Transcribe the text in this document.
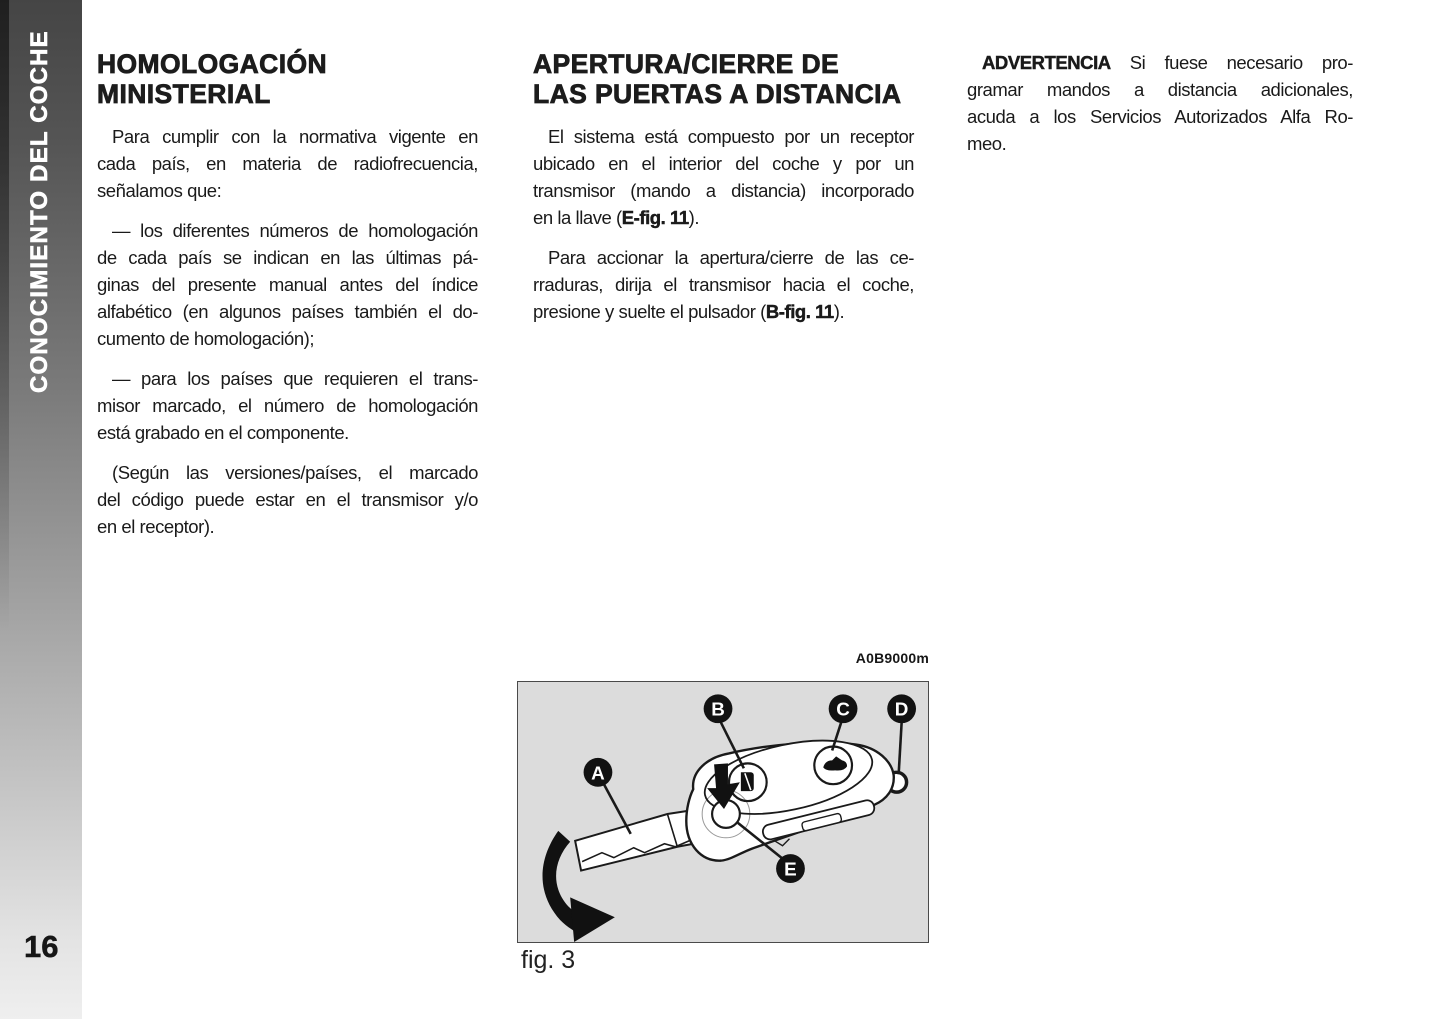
CONOCIMIENTO DEL COCHE
16
HOMOLOGACIÓN
MINISTERIAL

Para cumplir con la normativa vigente en
cada país, en materia de radiofrecuencia,
señalamos que:

— los diferentes números de homologación
de cada país se indican en las últimas pá-
ginas del presente manual antes del índice
alfabético (en algunos países también el do-
cumento de homologación);

— para los países que requieren el trans-
misor marcado, el número de homologación
está grabado en el componente.

(Según las versiones/países, el marcado
del código puede estar en el transmisor y/o
en el receptor).

APERTURA/CIERRE DE
LAS PUERTAS A DISTANCIA

El sistema está compuesto por un receptor
ubicado en el interior del coche y por un
transmisor (mando a distancia) incorporado
en la llave (E-fig. 11).

Para accionar la apertura/cierre de las ce-
rraduras, dirija el transmisor hacia el coche,
presione y suelte el pulsador (B-fig. 11).

ADVERTENCIA Si fuese necesario pro-
gramar mandos a distancia adicionales,
acuda a los Servicios Autorizados Alfa Ro-
meo.

A0B9000m
A
B	C D
E
fig. 3
